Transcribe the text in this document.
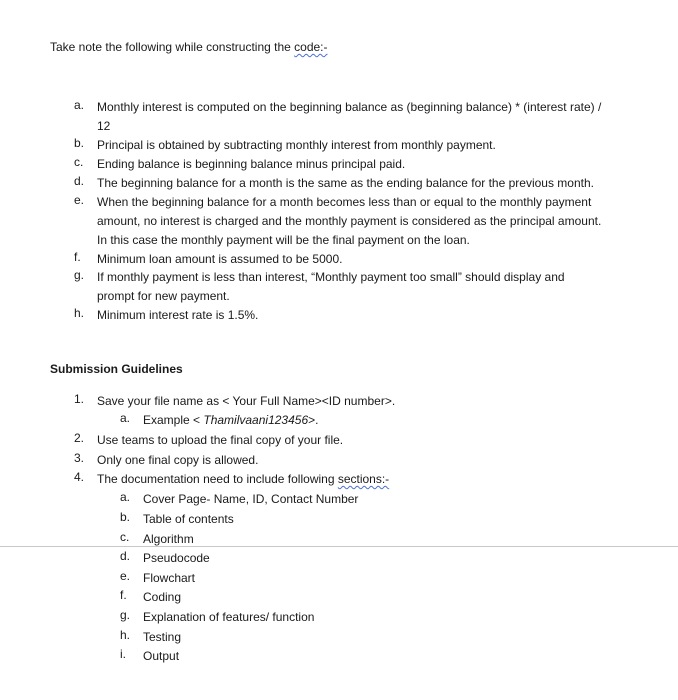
Take note the following while constructing the code:-
a.	Monthly interest is computed on the beginning balance as (beginning balance) * (interest rate) /
12
b.	Principal is obtained by subtracting monthly interest from monthly payment.
c.	Ending balance is beginning balance minus principal paid.
d.	The beginning balance for a month is the same as the ending balance for the previous month.
e.	When the beginning balance for a month becomes less than or equal to the monthly payment
amount, no interest is charged and the monthly payment is considered as the principal amount.
In this case the monthly payment will be the final payment on the loan.
f.	Minimum loan amount is assumed to be 5000.
g.	If monthly payment is less than interest, “Monthly payment too small” should display and
prompt for new payment.
h.	Minimum interest rate is 1.5%.
Submission Guidelines
1.	Save your file name as < Your Full Name><ID number>.
a.	Example < Thamilvaani123456>.
2.	Use teams to upload the final copy of your file.
3.	Only one final copy is allowed.
4.	The documentation need to include following sections:-
a.	Cover Page- Name, ID, Contact Number
b.	Table of contents
c.	Algorithm
d.	Pseudocode
e.	Flowchart
f.	Coding
g.	Explanation of features/ function
h.	Testing
i.	Output
